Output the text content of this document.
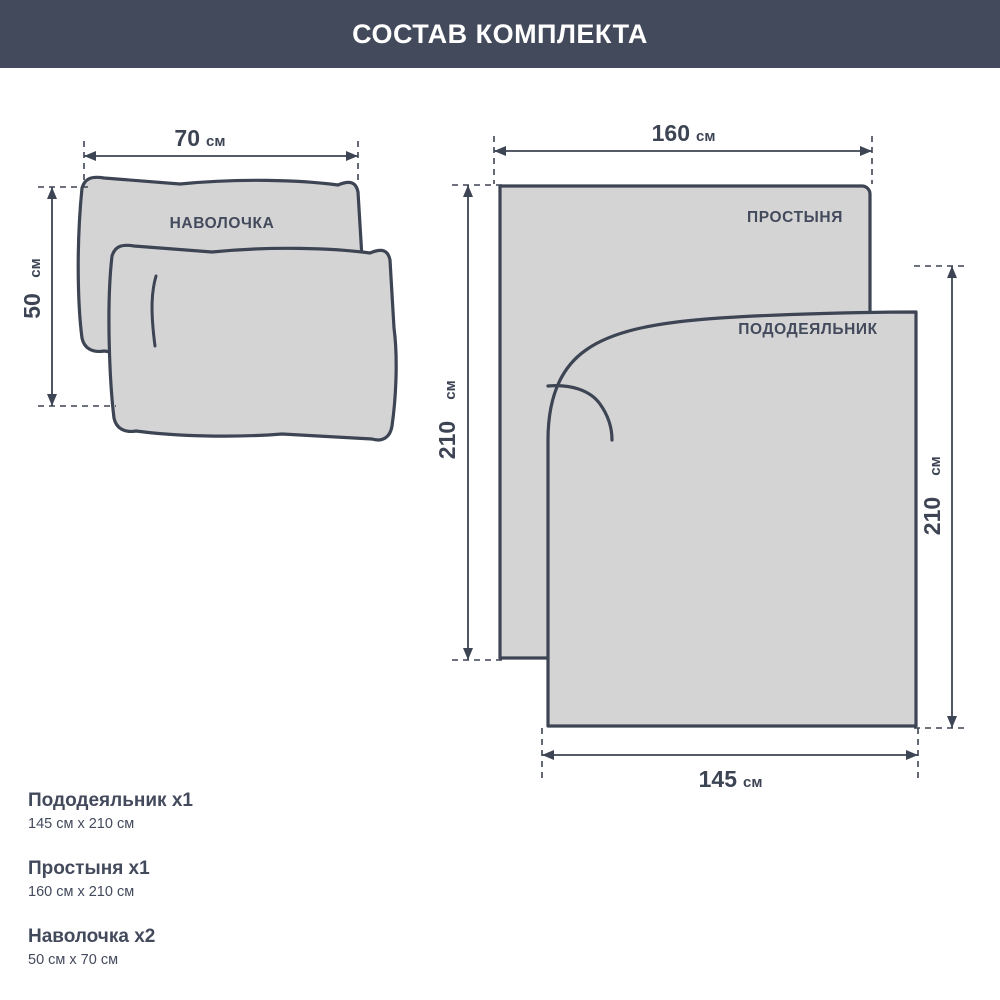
СОСТАВ КОМПЛЕКТА
НАВОЛОЧКА
70 см
50
см
ПРОСТЫНЯ
160 см
210
см
ПОДОДЕЯЛЬНИК
145 см
210
см
Пододеяльник x1
145 см x 210 см
Простыня x1
160 см x 210 см
Наволочка x2
50 см x 70 см
